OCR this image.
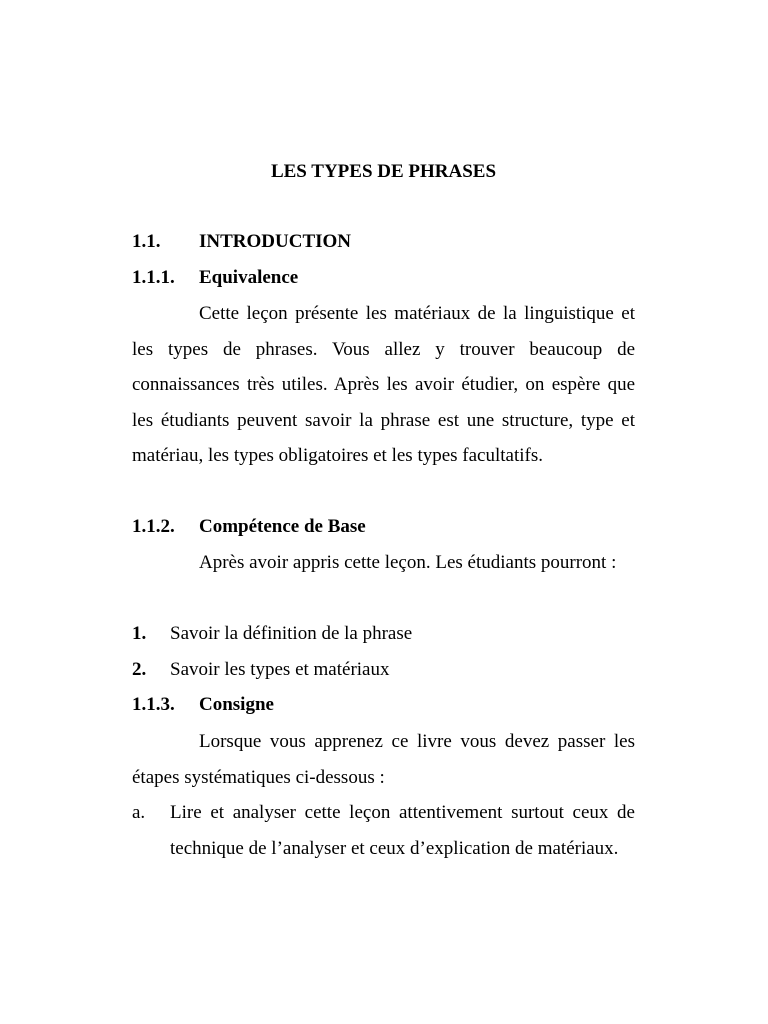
LES TYPES DE PHRASES
1.1. INTRODUCTION
1.1.1. Equivalence

Cette leçon présente les matériaux de la linguistique et les types de phrases. Vous allez y trouver beaucoup de connaissances très utiles. Après les avoir étudier, on espère que les étudiants peuvent savoir la phrase est une structure, type et matériau, les types obligatoires et les types facultatifs.

1.1.2. Compétence de Base

Après avoir appris cette leçon. Les étudiants pourront :

1. Savoir la définition de la phrase
2. Savoir les types et matériaux
1.1.3. Consigne

Lorsque vous apprenez ce livre vous devez passer les étapes systématiques ci-dessous :

a. Lire et analyser cette leçon attentivement surtout ceux de technique de l’analyser et ceux d’explication de matériaux.
